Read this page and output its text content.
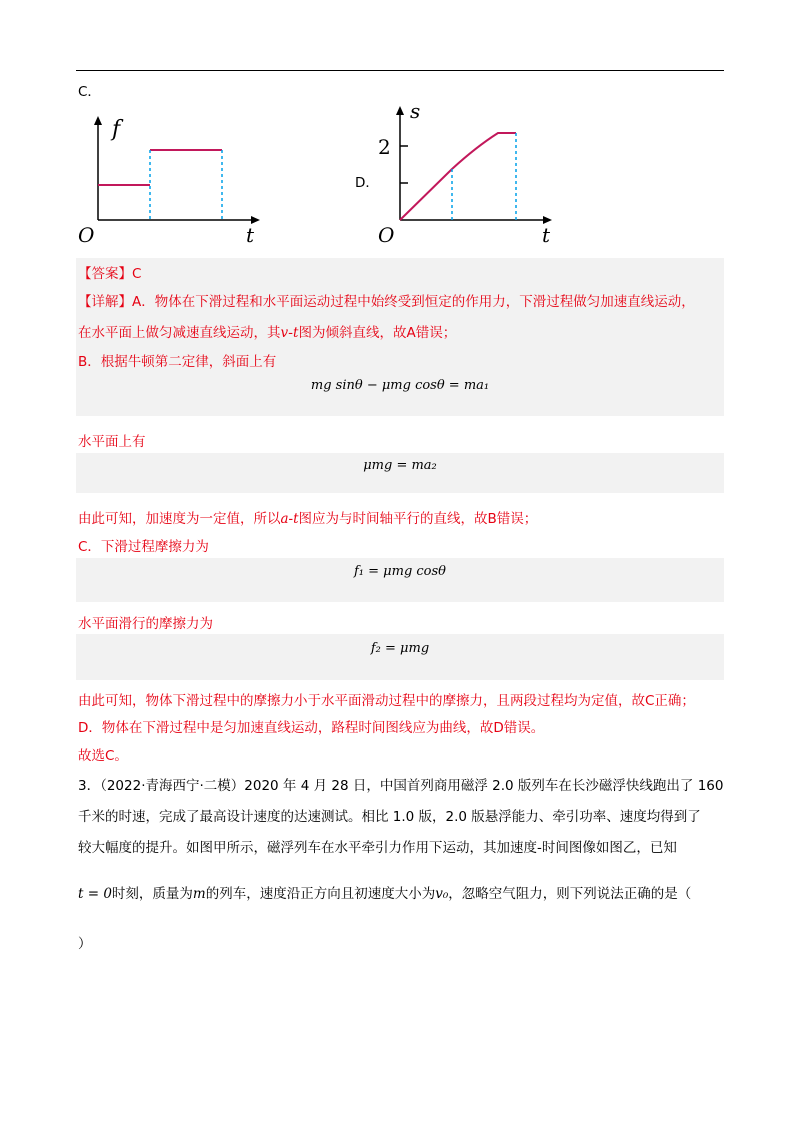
C．
f
O	t
D．
s
2
O	t
【答案】C
【详解】A．物体在下滑过程和水平面运动过程中始终受到恒定的作用力，下滑过程做匀加速直线运动，
在水平面上做匀减速直线运动，其v-t图为倾斜直线，故A错误；
B．根据牛顿第二定律，斜面上有
mg sinθ − μmg cosθ = ma₁
水平面上有
μmg = ma₂
由此可知，加速度为一定值，所以a-t图应为与时间轴平行的直线，故B错误；
C．下滑过程摩擦力为
f₁ = μmg cosθ
水平面滑行的摩擦力为
f₂ = μmg
由此可知，物体下滑过程中的摩擦力小于水平面滑动过程中的摩擦力，且两段过程均为定值，故C正确；
D．物体在下滑过程中是匀加速直线运动，路程时间图线应为曲线，故D错误。
故选C。
3．（2022·青海西宁·二模）2020 年 4 月 28 日，中国首列商用磁浮 2.0 版列车在长沙磁浮快线跑出了 160
千米的时速，完成了最高设计速度的达速测试。相比 1.0 版，2.0 版悬浮能力、牵引功率、速度均得到了
较大幅度的提升。如图甲所示，磁浮列车在水平牵引力作用下运动，其加速度-时间图像如图乙，已知
t = 0时刻，质量为m的列车，速度沿正方向且初速度大小为v₀，忽略空气阻力，则下列说法正确的是（
）
